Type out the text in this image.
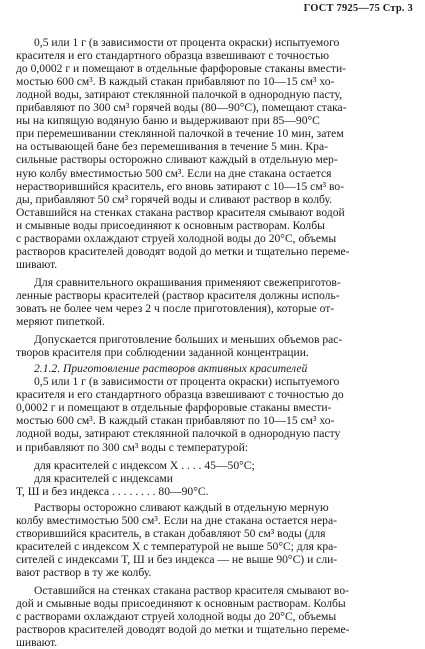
ГОСТ 7925—75 Стр. 3
0,5 или 1 г (в зависимости от процента окраски) испытуемого
красителя и его стандартного образца взвешивают с точностью
до 0,0002 г и помещают в отдельные фарфоровые стаканы вмести-
мостью 600 см³. В каждый стакан прибавляют по 10—15 см³ хо-
лодной воды, затирают стеклянной палочкой в однородную пасту,
прибавляют по 300 см³ горячей воды (80—90°С), помещают стака-
ны на кипящую водяную баню и выдерживают при 85—90°С
при перемешивании стеклянной палочкой в течение 10 мин, затем
на остывающей бане без перемешивания в течение 5 мин. Кра-
сильные растворы осторожно сливают каждый в отдельную мер-
ную колбу вместимостью 500 см³. Если на дне стакана остается
нерастворившийся краситель, его вновь затирают с 10—15 см³ во-
ды, прибавляют 50 см³ горячей воды и сливают раствор в колбу.
Оставшийся на стенках стакана раствор красителя смывают водой
и смывные воды присоединяют к основным растворам. Колбы
с растворами охлаждают струей холодной воды до 20°С, объемы
растворов красителей доводят водой до метки и тщательно переме-
шивают.
Для сравнительного окрашивания применяют свежеприготов-
ленные растворы красителей (раствор красителя должны исполь-
зовать не более чем через 2 ч после приготовления), которые от-
меряют пипеткой.
Допускается приготовление больших и меньших объемов рас-
творов красителя при соблюдении заданной концентрации.
2.1.2. Приготовление растворов активных красителей
0,5 или 1 г (в зависимости от процента окраски) испытуемого
красителя и его стандартного образца взвешивают с точностью до
0,0002 г и помещают в отдельные фарфоровые стаканы вмести-
мостью 600 см³. В каждый стакан прибавляют по 10—15 см³ хо-
лодной воды, затирают стеклянной палочкой в однородную пасту
и прибавляют по 300 см³ воды с температурой:
для красителей с индексом Х . . . . 45—50°С;
для красителей с индексами
Т, Ш и без индекса . . . . . . . . 80—90°С.
Растворы осторожно сливают каждый в отдельную мерную
колбу вместимостью 500 см³. Если на дне стакана остается нера-
створившийся краситель, в стакан добавляют 50 см³ воды (для
красителей с индексом Х с температурой не выше 50°С; для кра-
сителей с индексами Т, Ш и без индекса — не выше 90°С) и сли-
вают раствор в ту же колбу.
Оставшийся на стенках стакана раствор красителя смывают во-
дой и смывные воды присоединяют к основным растворам. Колбы
с растворами охлаждают струей холодной воды до 20°С, объемы
растворов красителей доводят водой до метки и тщательно переме-
шивают.
